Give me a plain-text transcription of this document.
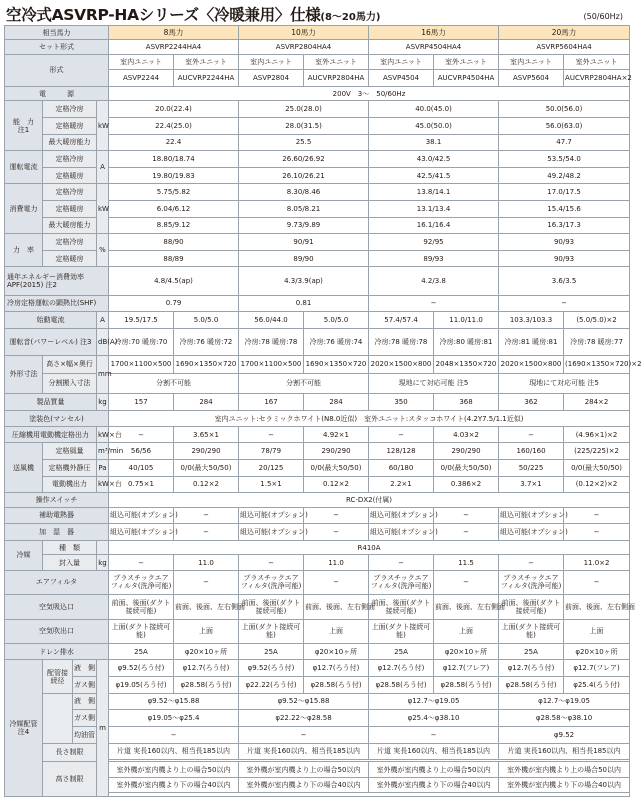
空冷式ASVRP-HAシリーズ〈冷暖兼用〉仕様(8〜20馬力)	(50/60Hz)
相当馬力				8馬力		10馬力		16馬力		20馬力	
セット形式				ASVRP2244HA4		ASVRP2804HA4		ASVRP4504HA4		ASVRP5604HA4	
形式				室内ユニット	室外ユニット	室内ユニット	室外ユニット	室内ユニット	室外ユニット	室内ユニット	室外ユニット
				ASVP2244	AUCVRP2244HA	ASVP2804	AUCVRP2804HA	ASVP4504	AUCVRP4504HA	ASVP5604	AUCVRP2804HA×2
電　　　源				200V　3〜　50/60Hz							
能　力
注1	定格冷房		kW	20.0(22.4)		25.0(28.0)		40.0(45.0)		50.0(56.0)	
	定格暖房			22.4(25.0)		28.0(31.5)		45.0(50.0)		56.0(63.0)	
	最大暖房能力			22.4		25.5		38.1		47.7	
運転電流	定格冷房		A	18.80/18.74		26.60/26.92		43.0/42.5		53.5/54.0	
	定格暖房			19.80/19.83		26.10/26.21		42.5/41.5		49.2/48.2	
消費電力	定格冷房		kW	5.75/5.82		8.30/8.46		13.8/14.1		17.0/17.5	
	定格暖房			6.04/6.12		8.05/8.21		13.1/13.4		15.4/15.6	
	最大暖房能力			8.85/9.12		9.73/9.89		16.1/16.4		16.3/17.3	
力　率	定格冷房		%	88/90		90/91		92/95		90/93	
	定格暖房			88/89		89/90		89/93		90/93	
通年エネルギー消費効率 APF(2015) 注2				4.8/4.5(ap)		4.3/3.9(ap)		4.2/3.8		3.6/3.5	
冷房定格運転の顕熱比(SHF)				0.79		0.81		−		−	
始動電流			A	19.5/17.5	5.0/5.0	56.0/44.0	5.0/5.0	57.4/57.4	11.0/11.0	103.3/103.3	(5.0/5.0)×2
運転音(パワーレベル) 注3			dB(A)	冷房:70 暖房:70	冷房:76 暖房:72	冷房:78 暖房:78	冷房:76 暖房:74	冷房:78 暖房:78	冷房:80 暖房:81	冷房:81 暖房:81	冷房:78 暖房:77
外形寸法	高さ×幅×奥行		mm	1700×1100×500	1690×1350×720	1700×1100×500	1690×1350×720	2020×1500×800	2048×1350×720	2020×1500×800	(1690×1350×720)×2
	分割搬入寸法			分割不可能		分割不可能		現地にて対応可能 注5		現地にて対応可能 注5	
製品質量			kg	157	284	167	284	350	368	362	284×2
塗装色(マンセル)				室内ユニット:セラミックホワイト(N8.0近似)　室外ユニット:スタッコホワイト(4.2Y7.5/1.1近似)							
圧縮機用電動機定格出力			kW×台	−	3.65×1	−	4.92×1	−	4.03×2	−	(4.96×1)×2
送風機	定格風量		m³/min	56/56	290/290	78/79	290/290	128/128	290/290	160/160	(225/225)×2
	定格機外静圧		Pa	40/105	0/0(最大50/50)	20/125	0/0(最大50/50)	60/180	0/0(最大50/50)	50/225	0/0(最大50/50)
	電動機出力		kW×台	0.75×1	0.12×2	1.5×1	0.12×2	2.2×1	0.386×2	3.7×1	(0.12×2)×2
操作スイッチ				RC-DX2(付属)							
補助電熱器				組込可能(オプション)	−	組込可能(オプション)	−	組込可能(オプション)	−	組込可能(オプション)	−
加　湿　器				組込可能(オプション)	−	組込可能(オプション)	−	組込可能(オプション)	−	組込可能(オプション)	−
冷媒	種　類			R410A							
	封入量		kg	−	11.0	−	11.0	−	11.5	−	11.0×2
エアフィルタ				プラスチックエアフィルタ(洗浄可能)	−	プラスチックエアフィルタ(洗浄可能)	−	プラスチックエアフィルタ(洗浄可能)	−	プラスチックエアフィルタ(洗浄可能)	−
空気吸込口				前面、後面(ダクト接続可能)	前面、後面、左右側面	前面、後面(ダクト接続可能)	前面、後面、左右側面	前面、後面(ダクト接続可能)	前面、後面、左右側面	前面、後面(ダクト接続可能)	前面、後面、左右側面
空気吹出口				上面(ダクト接続可能)	上面	上面(ダクト接続可能)	上面	上面(ダクト接続可能)	上面	上面(ダクト接続可能)	上面
ドレン排水				25A	φ20×10ヶ所	25A	φ20×10ヶ所	25A	φ20×10ヶ所	25A	φ20×10ヶ所
冷媒配管
注4	配管接続径	液　側	m	φ9.52(ろう付)	φ12.7(ろう付)	φ9.52(ろう付)	φ12.7(ろう付)	φ12.7(ろう付)	φ12.7(フレア)	φ12.7(ろう付)	φ12.7(フレア)
		ガス側		φ19.05(ろう付)	φ28.58(ろう付)	φ22.22(ろう付)	φ28.58(ろう付)	φ28.58(ろう付)	φ28.58(ろう付)	φ28.58(ろう付)	φ25.4(ろう付)
		液　側		φ9.52〜φ15.88		φ9.52〜φ15.88		φ12.7〜φ19.05		φ12.7〜φ19.05	
		ガス側		φ19.05〜φ25.4		φ22.22〜φ28.58		φ25.4〜φ38.10		φ28.58〜φ38.10	
		均油管		−		−		−		φ9.52	
	長さ制限			片道 実長160以内、相当長185以内		片道 実長160以内、相当長185以内		片道 実長160以内、相当長185以内		片道 実長160以内、相当長185以内	

	高さ制限			室外機が室内機より上の場合50以内		室外機が室内機より上の場合50以内		室外機が室内機より上の場合50以内		室外機が室内機より上の場合50以内	
				室外機が室内機より下の場合40以内		室外機が室内機より下の場合40以内		室外機が室内機より下の場合40以内		室外機が室内機より下の場合40以内	
